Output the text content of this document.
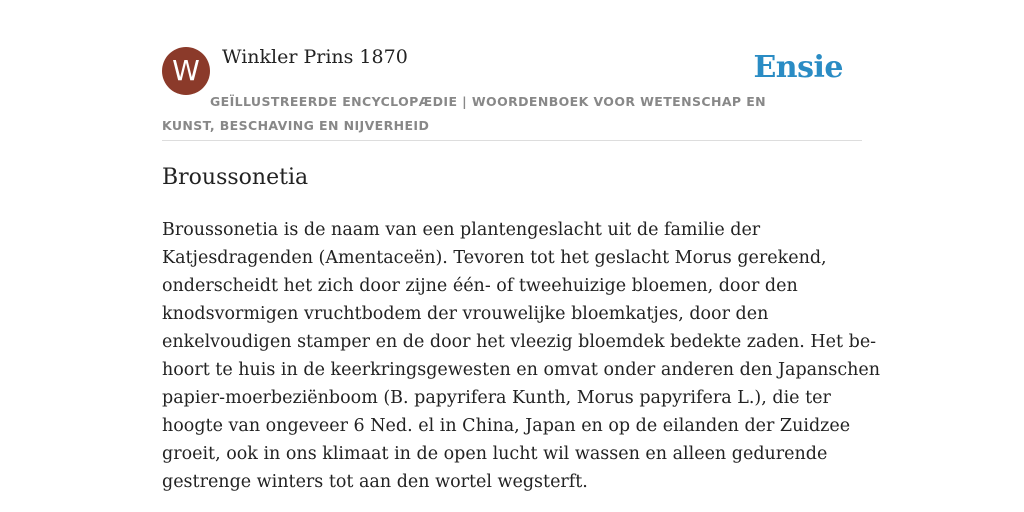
W	Winkler Prins 1870	Ensie
GEÏLLUSTREERDE ENCYCLOPÆDIE | WOORDENBOEK VOOR WETENSCHAP EN KUNST, BESCHAVING EN NIJVERHEID
Broussonetia

Broussonetia is de naam van een plantengeslacht uit de familie der
Katjesdragenden (Amentaceën). Tevoren tot het geslacht Morus gerekend,
onderscheidt het zich door zijne één- of tweehuizige bloemen, door den
knodsvormigen vruchtbodem der vrouwelijke bloemkatjes, door den
enkelvoudigen stamper en de door het vleezig bloemdek bedekte zaden. Het be-
hoort te huis in de keerkringsgewesten en omvat onder anderen den Japanschen
papier-moerbeziënboom (B. papyrifera Kunth, Morus papyrifera L.), die ter
hoogte van ongeveer 6 Ned. el in China, Japan en op de eilanden der Zuidzee
groeit, ook in ons klimaat in de open lucht wil wassen en alleen gedurende
gestrenge winters tot aan den wortel wegsterft.
